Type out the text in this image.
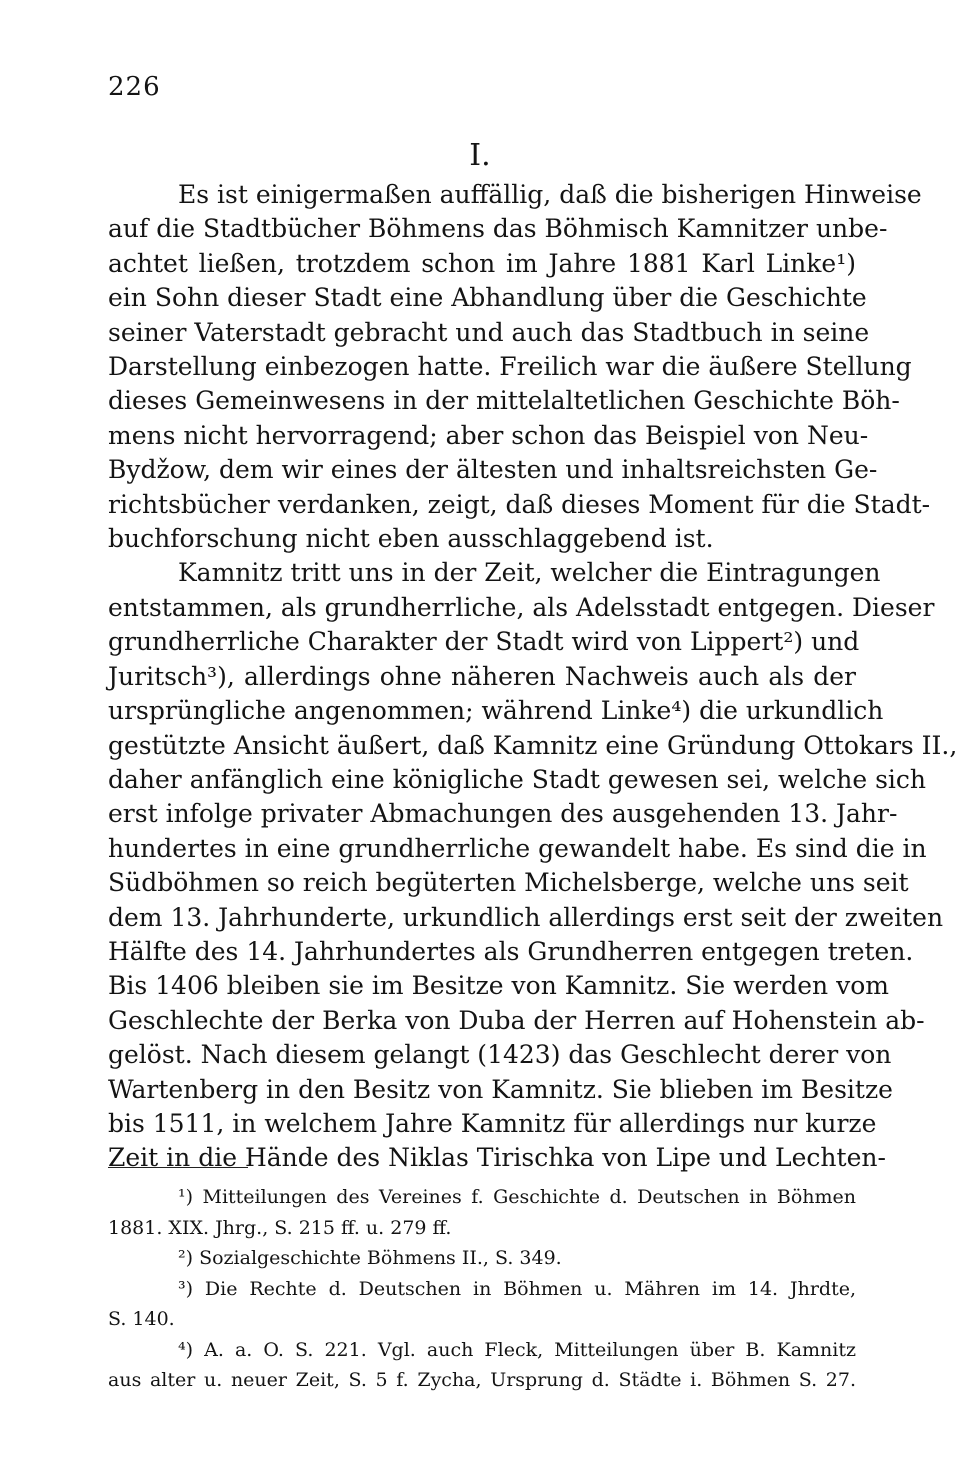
226
I.
Es ist einigermaßen auffällig, daß die bisherigen Hinweise
auf die Stadtbücher Böhmens das Böhmisch Kamnitzer unbe-
achtet ließen, trotzdem schon im Jahre 1881 Karl Linke¹)
ein Sohn dieser Stadt eine Abhandlung über die Geschichte
seiner Vaterstadt gebracht und auch das Stadtbuch in seine
Darstellung einbezogen hatte. Freilich war die äußere Stellung
dieses Gemeinwesens in der mittelaltetlichen Geschichte Böh-
mens nicht hervorragend; aber schon das Beispiel von Neu-
Bydžow, dem wir eines der ältesten und inhaltsreichsten Ge-
richtsbücher verdanken, zeigt, daß dieses Moment für die Stadt-
buchforschung nicht eben ausschlaggebend ist.
Kamnitz tritt uns in der Zeit, welcher die Eintragungen
entstammen, als grundherrliche, als Adelsstadt entgegen. Dieser
grundherrliche Charakter der Stadt wird von Lippert²) und
Juritsch³), allerdings ohne näheren Nachweis auch als der
ursprüngliche angenommen; während Linke⁴) die urkundlich
gestützte Ansicht äußert, daß Kamnitz eine Gründung Ottokars II.,
daher anfänglich eine königliche Stadt gewesen sei, welche sich
erst infolge privater Abmachungen des ausgehenden 13. Jahr-
hundertes in eine grundherrliche gewandelt habe. Es sind die in
Südböhmen so reich begüterten Michelsberge, welche uns seit
dem 13. Jahrhunderte, urkundlich allerdings erst seit der zweiten
Hälfte des 14. Jahrhundertes als Grundherren entgegen treten.
Bis 1406 bleiben sie im Besitze von Kamnitz. Sie werden vom
Geschlechte der Berka von Duba der Herren auf Hohenstein ab-
gelöst. Nach diesem gelangt (1423) das Geschlecht derer von
Wartenberg in den Besitz von Kamnitz. Sie blieben im Besitze
bis 1511, in welchem Jahre Kamnitz für allerdings nur kurze
Zeit in die Hände des Niklas Tirischka von Lipe und Lechten-
¹) Mitteilungen des Vereines f. Geschichte d. Deutschen in Böhmen
1881. XIX. Jhrg., S. 215 ff. u. 279 ff.
²) Sozialgeschichte Böhmens II., S. 349.
³) Die Rechte d. Deutschen in Böhmen u. Mähren im 14. Jhrdte,
S. 140.
⁴) A. a. O. S. 221. Vgl. auch Fleck, Mitteilungen über B. Kamnitz
aus alter u. neuer Zeit, S. 5 f. Zycha, Ursprung d. Städte i. Böhmen S. 27.
